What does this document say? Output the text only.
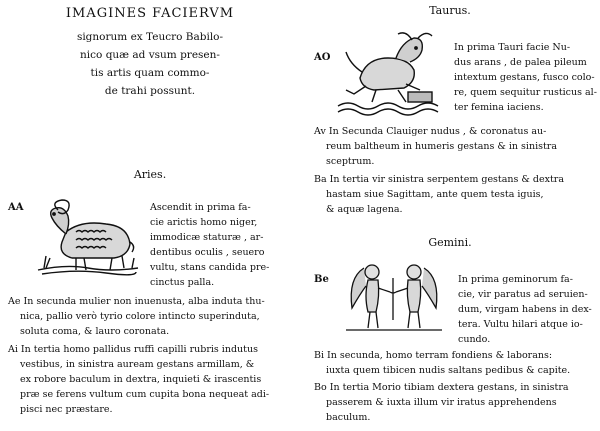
IMAGINES FACIERVM
signorum ex Teucro Babilo-
nico quæ ad vsum presen-
tis artis quam commo-
de trahi possunt.
Aries.
AA	Ascendit in prima fa-
cie arictis homo niger,
immodicæ staturæ , ar-
dentibus oculis , seuero
vultu, stans candida pre-
cinctus palla.
Ae In secunda mulier non inuenusta, alba induta thu-
nica, pallio verò tyrio colore intincto superinduta,
soluta coma, & lauro coronata.
Ai In tertia homo pallidus ruffi capilli rubris indutus
vestibus, in sinistra auream gestans armillam, &
ex robore baculum in dextra, inquieti & irascentis
præ se ferens vultum cum cupita bona nequeat adi-
pisci nec præstare.
Taurus.
AO
In prima Tauri facie Nu-
dus arans , de palea pileum
intextum gestans, fusco colo-
re, quem sequitur rusticus al-
ter femina iaciens.
Av In Secunda Clauiger nudus , & coronatus au-
reum baltheum in humeris gestans & in sinistra
sceptrum.
Ba In tertia vir sinistra serpentem gestans & dextra
hastam siue Sagittam, ante quem testa iguis,
& aquæ lagena.
Gemini.
Be	In prima geminorum fa-
cie, vir paratus ad seruien-
dum, virgam habens in dex-
tera. Vultu hilari atque io-
cundo.
Bi In secunda, homo terram fondiens & laborans:
iuxta quem tibicen nudis saltans pedibus & capite.
Bo In tertia Morio tibiam dextera gestans, in sinistra
passerem & iuxta illum vir iratus apprehendens
baculum.
